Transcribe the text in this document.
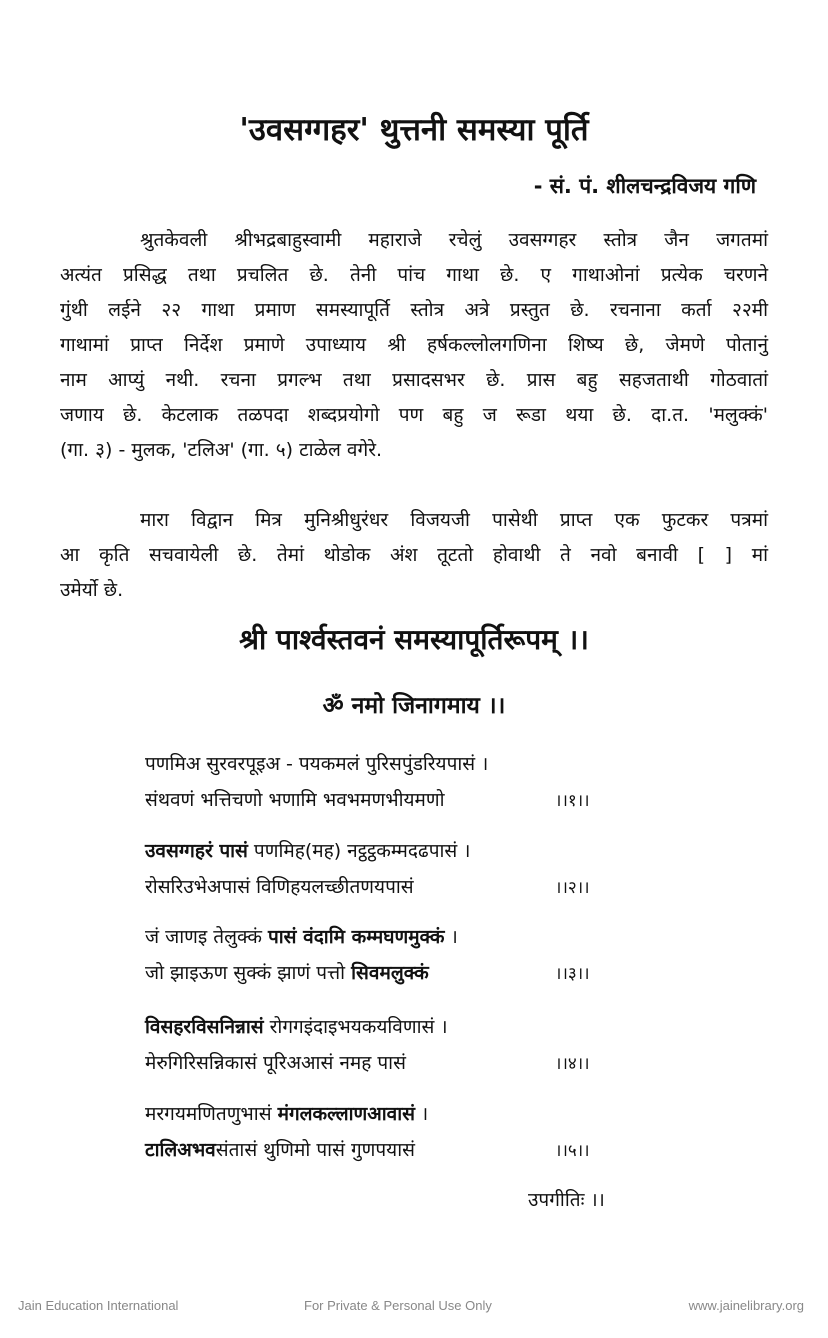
'उवसग्गहर' थुत्तनी समस्या पूर्ति
- सं. पं. शीलचन्द्रविजय गणि
श्रुतकेवली श्रीभद्रबाहुस्वामी महाराजे रचेलुं उवसग्गहर स्तोत्र जैन जगतमां
अत्यंत प्रसिद्ध तथा प्रचलित छे. तेनी पांच गाथा छे. ए गाथाओनां प्रत्येक चरणने
गुंथी लईने २२ गाथा प्रमाण समस्यापूर्ति स्तोत्र अत्रे प्रस्तुत छे. रचनाना कर्ता २२मी
गाथामां प्राप्त निर्देश प्रमाणे उपाध्याय श्री हर्षकल्लोलगणिना शिष्य छे, जेमणे पोतानुं
नाम आप्युं नथी. रचना प्रगल्भ तथा प्रसादसभर छे. प्रास बहु सहजताथी गोठवातां
जणाय छे. केटलाक तळपदा शब्दप्रयोगो पण बहु ज रूडा थया छे. दा.त. 'मलुक्कं'
(गा. ३) - मुलक, 'टलिअ' (गा. ५) टाळेल वगेरे.
मारा विद्वान मित्र मुनिश्रीधुरंधर विजयजी पासेथी प्राप्त एक फुटकर पत्रमां
आ कृति सचवायेली छे. तेमां थोडोक अंश तूटतो होवाथी ते नवो बनावी [ ] मां
उमेर्यो छे.
श्री पार्श्वस्तवनं समस्यापूर्तिरूपम् ।।
ॐ नमो जिनागमाय ।।
पणमिअ सुरवरपूइअ - पयकमलं पुरिसपुंडरियपासं ।
संथवणं भत्तिचणो भणामि भवभमणभीयमणो	।।१।।
उवसग्गहरं पासं पणमिह(मह) नट्ठट्ठकम्मदढपासं ।
रोसरिउभेअपासं विणिहयलच्छीतणयपासं	।।२।।
जं जाणइ तेलुक्कं पासं वंदामि कम्मघणमुक्कं ।
जो झाइऊण सुक्कं झाणं पत्तो सिवमलुक्कं	।।३।।
विसहरविसनिन्नासं रोगगइंदाइभयकयविणासं ।
मेरुगिरिसन्निकासं पूरिअआसं नमह पासं	।।४।।
मरगयमणितणुभासं मंगलकल्लाणआवासं ।
टालिअभवसंतासं थुणिमो पासं गुणपयासं	।।५।।
उपगीतिः ।।
Jain Education International	For Private & Personal Use Only	www.jainelibrary.org
